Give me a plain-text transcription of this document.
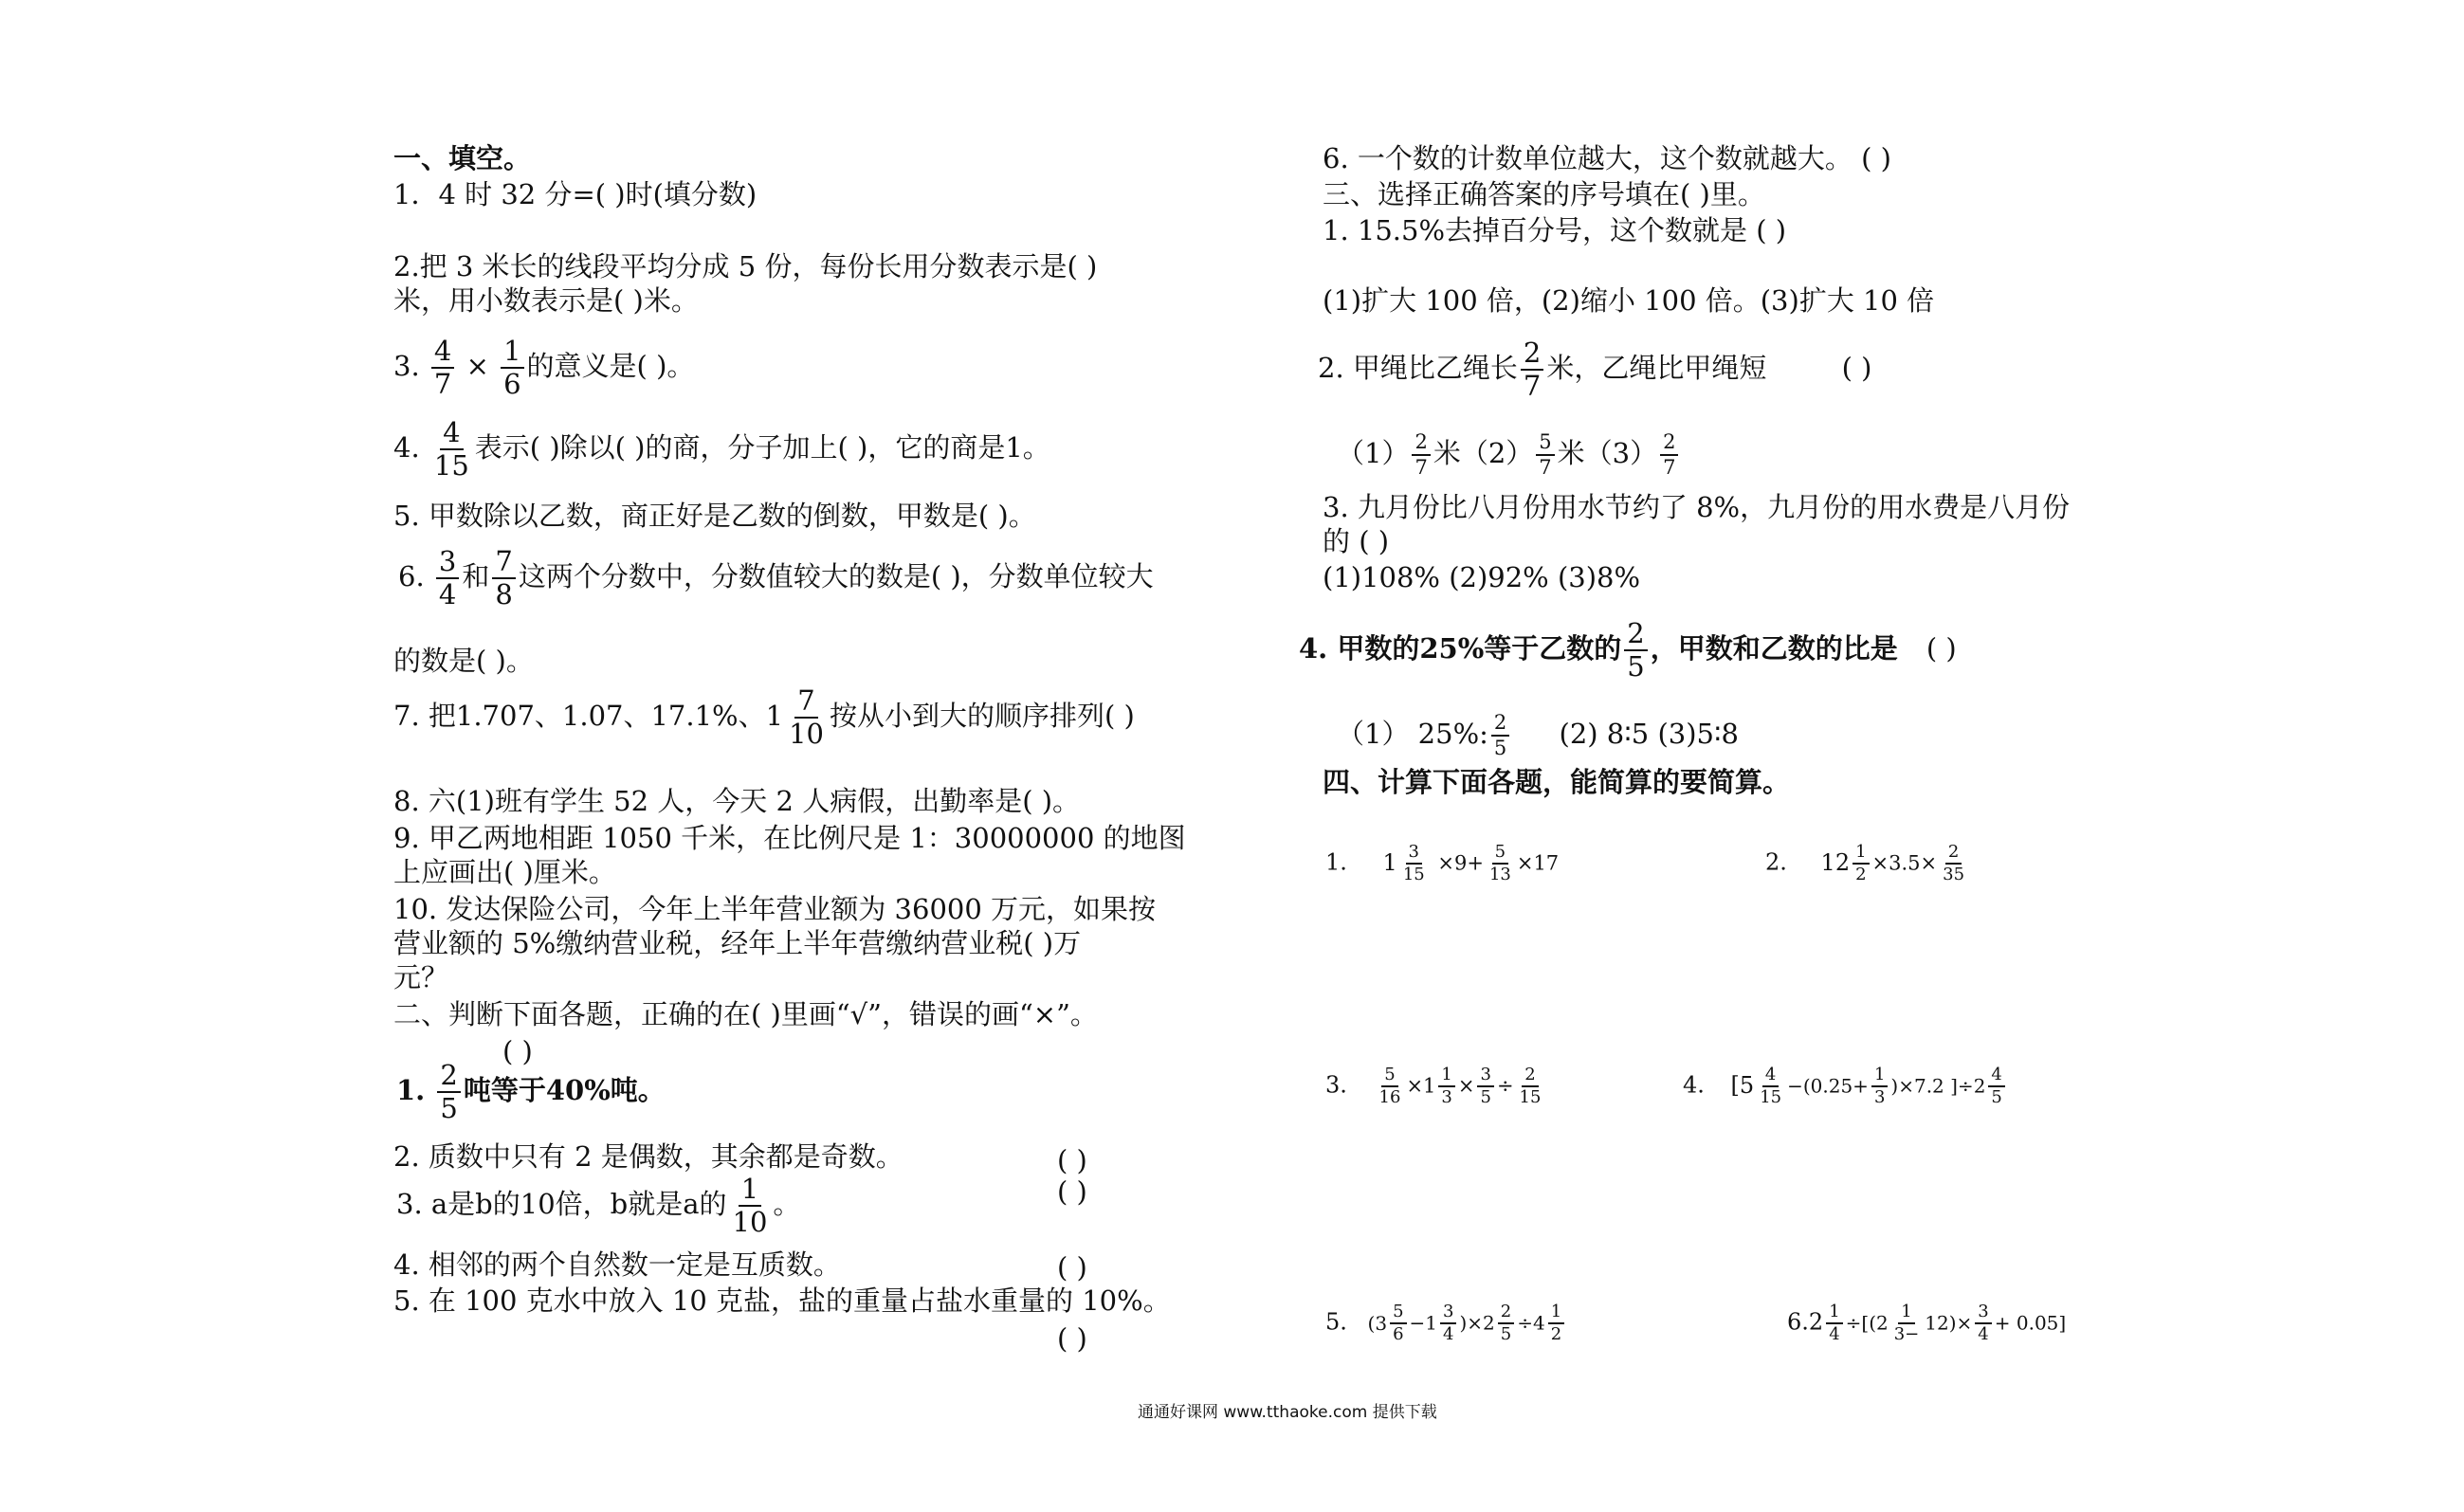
一、填空。
1．4 时 32 分=( )时(填分数)
2.把 3 米长的线段平均分成 5 份，每份长用分数表示是( )
米，用小数表示是( )米。
3. $\frac{4}{7} \times \frac{1}{6}$ 的意义是( )。
4. $\frac{4}{15}$ 表示( )除以( )的商，分子加上( )，它的商是1。
5. 甲数除以乙数，商正好是乙数的倒数，甲数是( )。
6. $\frac{3}{4}$ 和 $\frac{7}{8}$ 这两个分数中，分数值较大的数是( )，分数单位较大
的数是( )。
7. 把1.707、1.07、17.1%、$1 \frac{7}{10}$ 按从小到大的顺序排列( )
8. 六(1)班有学生 52 人，今天 2 人病假，出勤率是( )。
9. 甲乙两地相距 1050 千米，在比例尺是 1：30000000 的地图
上应画出( )厘米。
10. 发达保险公司，今年上半年营业额为 36000 万元，如果按
营业额的 5%缴纳营业税，经年上半年营缴纳营业税( )万
元？
二、判断下面各题，正确的在( )里画“√”，错误的画“×”。
( )
1. $\frac{2}{5}$ 吨等于40%吨。
2. 质数中只有 2 是偶数，其余都是奇数。	( )
( )
3. a是b的10倍，b就是a的 $\frac{1}{10}$ 。
4. 相邻的两个自然数一定是互质数。	( )
5. 在 100 克水中放入 10 克盐，盐的重量占盐水重量的 10%。
( )
6. 一个数的计数单位越大，这个数就越大。 ( )
三、选择正确答案的序号填在( )里。
1. 15.5%去掉百分号，这个数就是 ( )
(1)扩大 100 倍，(2)缩小 100 倍。(3)扩大 10 倍
2. 甲绳比乙绳长 $\frac{2}{7}$ 米，乙绳比甲绳短	( )
$(1) \frac{2}{7}$ 米$(2) \frac{5}{7}$ 米$(3) \frac{2}{7}$
3. 九月份比八月份用水节约了 8%，九月份的用水费是八月份
的 ( )
(1)108% (2)92% (3)8%
4. 甲数的25%等于乙数的 $\frac{2}{5}$ ，甲数和乙数的比是 ( )
（1） 25%: $\frac{2}{5} (2)$ 8∶5 (3)5∶8
四、计算下面各题，能简算的要简算。
1. $1 \frac{3}{15} \times 9+ \frac{5}{13} \times 17$	2. $12 \frac{1}{2} \times 3.5\times \frac{2}{35}$
3. $\frac{5}{16} \times 1 \frac{1}{3} \times \frac{3}{5} \div \frac{2}{15}$	4. [$5 \frac{4}{15} -(0.25+ \frac{1}{3} )\times 7.2$ ]$\div 2 \frac{4}{5}$
5. $(3 \frac{5}{6} -1 \frac{3}{4} )\times 2 \frac{2}{5} \div 4 \frac{1}{2}$	$6.2 \frac{1}{4} \div[(2 \frac{1}{3-} 12)\times \frac{3}{4} + 0.05]$
通通好课网 www.tthaoke.com 提供下载
